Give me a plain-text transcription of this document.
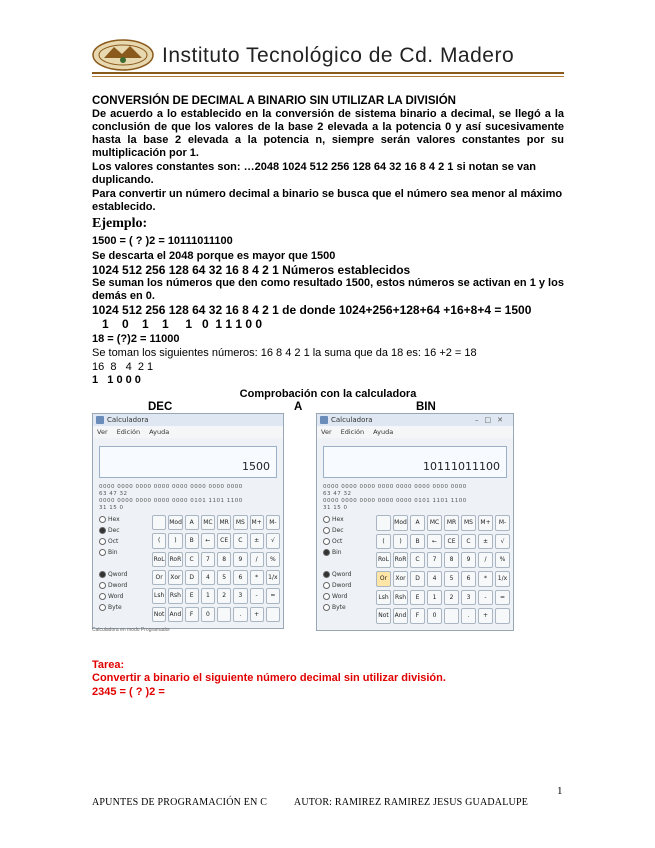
Instituto Tecnológico de Cd. Madero
CONVERSIÓN DE DECIMAL A BINARIO SIN UTILIZAR LA DIVISIÓN
De acuerdo a lo establecido en la conversión de sistema binario a decimal, se llegó a la conclusión de que los valores de la base 2 elevada a la potencia 0 y así sucesivamente hasta la base 2 elevada a la potencia n, siempre serán valores constantes por su multiplicación por 1.
Los valores constantes son: …2048 1024 512 256 128 64 32 16 8 4 2 1 si notan se van duplicando.
Para convertir un número decimal a binario se busca que el número sea menor al máximo establecido.
Ejemplo:
1500 = ( ? )2 = 10111011100
Se descarta el 2048 porque es mayor que 1500
1024 512 256 128 64 32 16 8 4 2 1 Números establecidos
Se suman los números que den como resultado 1500, estos números se activan en 1 y los demás en 0.
1024 512 256 128 64 32 16 8 4 2 1 de donde 1024+256+128+64 +16+8+4 = 1500
1    0    1    1     1   0  1 1 1 0 0
18 = (?)2 = 11000
Se toman los siguientes números: 16 8 4 2 1 la suma que da 18 es: 16 +2 = 18
16  8   4  2 1
1   1 0 0 0
Comprobación con la calculadora
DEC	A	BIN
Calculadora
Ver Edición Ayuda
1500
0000 0000 0000 0000 0000 0000 0000 0000
63 47 32
0000 0000 0000 0000 0000 0101 1101 1100
31 15 0
Hex
Dec
Oct
Bin
Qword
Dword
Word
Byte
Mod	A	MC	MR	MS	M+	M-
(	)	B	←	CE	C	±	√
RoL RoR	C	7	8	9	/	%
Or	Xor	D	4	5	6	*	1/x
Lsh Rsh	E	1	2	3	-	=
Not And	F	0	.	+
Calculadora en modo Programador
Calculadora	–□✕
Ver Edición Ayuda
10111011100
0000 0000 0000 0000 0000 0000 0000 0000
63 47 32
0000 0000 0000 0000 0000 0101 1101 1100
31 15 0
Hex
Dec
Oct
Bin
Qword
Dword
Word
Byte
Mod	A	MC	MR	MS	M+	M-
(	)	B	←	CE	C	±	√
RoL RoR	C	7	8	9	/	%
Or	Xor	D	4	5	6	*	1/x
Lsh	Rsh	E	1	2	3	-	=
Not And	F	0	.	+
Tarea:
Convertir a binario el siguiente número decimal sin utilizar división.
2345 = ( ? )2 =
1
APUNTES DE PROGRAMACIÓN EN C	AUTOR: RAMIREZ RAMIREZ JESUS GUADALUPE
